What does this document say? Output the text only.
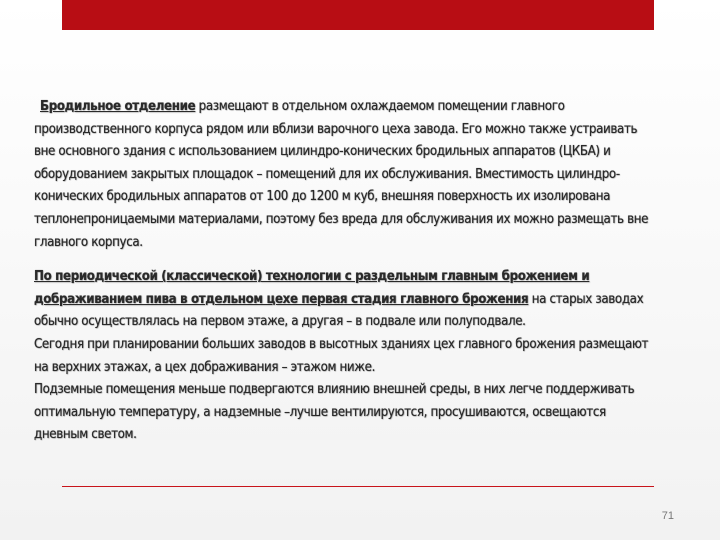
Бродильное отделение размещают в отдельном охлаждаемом помещении главного производственного корпуса рядом или вблизи варочного цеха завода. Его можно также устраивать вне основного здания с использованием цилиндро-конических бродильных аппаратов (ЦКБА) и оборудованием закрытых площадок – помещений для их обслуживания. Вместимость цилиндро-конических бродильных аппаратов от 100 до 1200 м куб, внешняя поверхность их изолирована теплонепроницаемыми материалами, поэтому без вреда для обслуживания их можно размещать вне главного корпуса.

По периодической (классической) технологии с раздельным главным брожением и дображиванием пива в отдельном цехе первая стадия главного брожения на старых заводах обычно осуществлялась на первом этаже, а другая – в подвале или полуподвале.

Сегодня при планировании больших заводов в высотных зданиях цех главного брожения размещают на верхних этажах, а цех дображивания – этажом ниже.

Подземные помещения меньше подвергаются влиянию внешней среды, в них легче поддерживать оптимальную температуру, а надземные –лучше вентилируются, просушиваются, освещаются дневным светом.

71
